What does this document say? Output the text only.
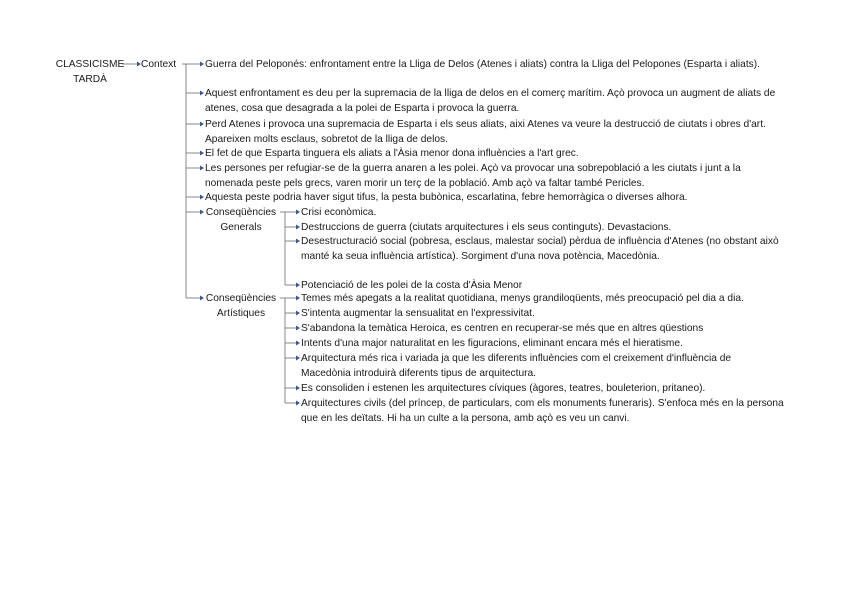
CLASSICISME TARDÀ
Context	Guerra del Peloponés: enfrontament entre la Lliga de Delos (Atenes i aliats) contra la Lliga del Pelopones (Esparta i aliats).
Aquest enfrontament es deu per la supremacia de la lliga de delos en el comerç marítim. Açò provoca un augment de aliats de atenes, cosa que desagrada a la polei de Esparta i provoca la guerra.
Perd Atenes i provoca una supremacia de Esparta i els seus aliats, aixi Atenes va veure la destrucció de ciutats i obres d'art. Apareixen molts esclaus, sobretot de la lliga de delos.
El fet de que Esparta tinguera els aliats a l'Àsia menor dona influències a l'art grec.
Les persones per refugiar-se de la guerra anaren a les polei. Açò va provocar una sobrepoblació a les ciutats i junt a la nomenada peste pels grecs, varen morir un terç de la població. Amb açò va faltar també Pericles.
Aquesta peste podria haver sigut tifus, la pesta bubònica, escarlatina, febre hemorràgica o diverses alhora.
Conseqüències Generals
Crisi econòmica.
Destruccions de guerra (ciutats arquitectures i els seus continguts). Devastacions.
Desestructuració social (pobresa, esclaus, malestar social) pèrdua de influència d'Atenes (no obstant això manté ka seua influència artística). Sorgiment d'una nova potència, Macedònia.
Potenciació de les polei de la costa d'Àsia Menor
Conseqüències Artístiques
Temes més apegats a la realitat quotidiana, menys grandiloqüents, més preocupació pel dia a dia.
S'intenta augmentar la sensualitat en l'expressivitat.
S'abandona la temàtica Heroica, es centren en recuperar-se més que en altres qüestions
Intents d'una major naturalitat en les figuracions, eliminant encara més el hieratisme.
Arquitectura més rica i variada ja que les diferents influències com el creixement d'influència de Macedònia introduirà diferents tipus de arquitectura.
Es consoliden i estenen les arquitectures cíviques (àgores, teatres, bouleterion, pritaneo).
Arquitectures civils (del príncep, de particulars, com els monuments funeraris). S'enfoca més en la persona que en les deïtats. Hi ha un culte a la persona, amb açò es veu un canvi.
